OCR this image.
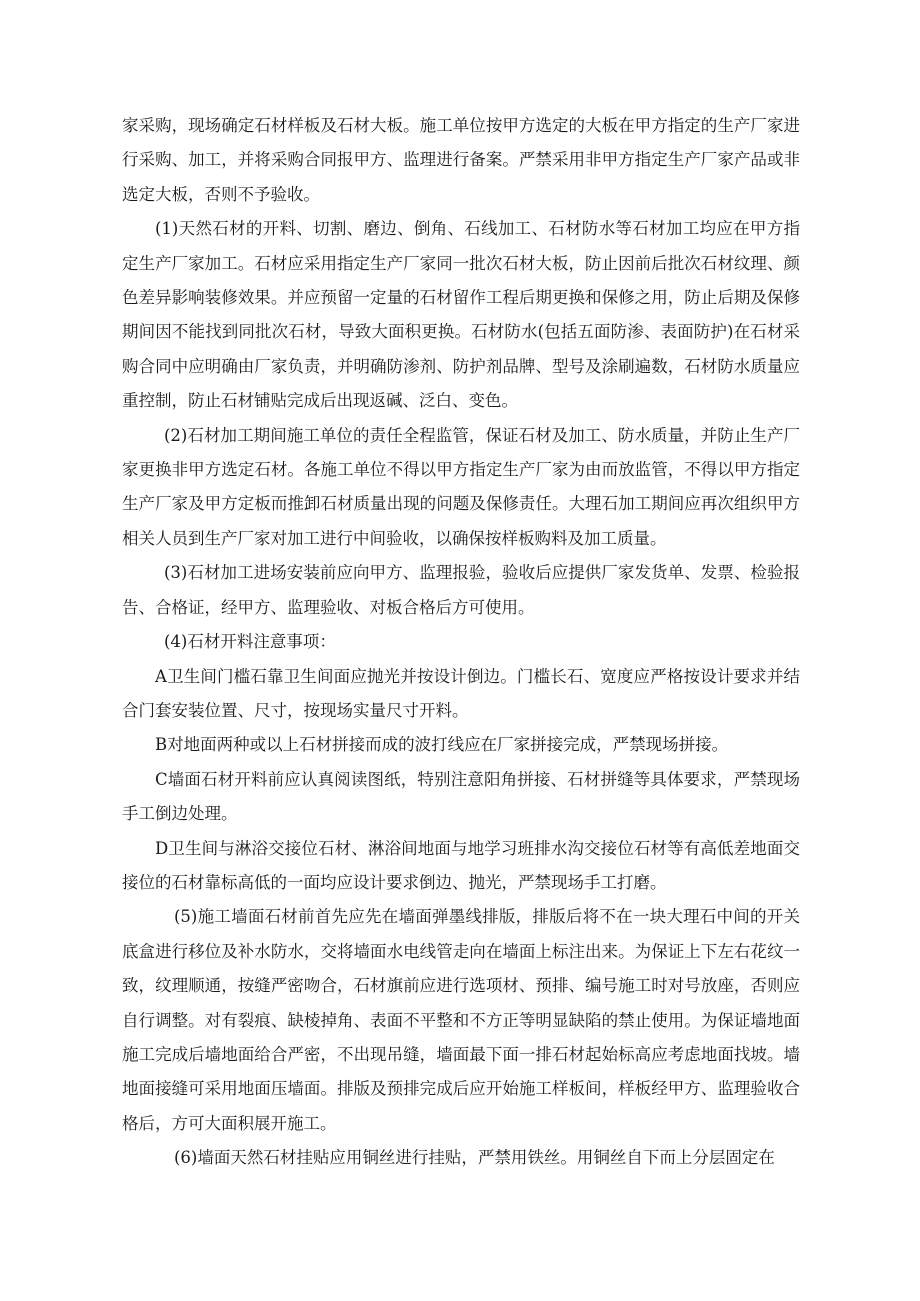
家采购，现场确定石材样板及石材大板。施工单位按甲方选定的大板在甲方指定的生产厂家进行采购、加工，并将采购合同报甲方、监理进行备案。严禁采用非甲方指定生产厂家产品或非选定大板，否则不予验收。

(1)天然石材的开料、切割、磨边、倒角、石线加工、石材防水等石材加工均应在甲方指定生产厂家加工。石材应采用指定生产厂家同一批次石材大板，防止因前后批次石材纹理、颜色差异影响装修效果。并应预留一定量的石材留作工程后期更换和保修之用，防止后期及保修期间因不能找到同批次石材，导致大面积更换。石材防水(包括五面防渗、表面防护)在石材采购合同中应明确由厂家负责，并明确防渗剂、防护剂品牌、型号及涂刷遍数，石材防水质量应重控制，防止石材铺贴完成后出现返碱、泛白、变色。

(2)石材加工期间施工单位的责任全程监管，保证石材及加工、防水质量，并防止生产厂家更换非甲方选定石材。各施工单位不得以甲方指定生产厂家为由而放监管，不得以甲方指定生产厂家及甲方定板而推卸石材质量出现的问题及保修责任。大理石加工期间应再次组织甲方相关人员到生产厂家对加工进行中间验收，以确保按样板购料及加工质量。

(3)石材加工进场安装前应向甲方、监理报验，验收后应提供厂家发货单、发票、检验报告、合格证，经甲方、监理验收、对板合格后方可使用。

(4)石材开料注意事项：

A卫生间门槛石靠卫生间面应抛光并按设计倒边。门槛长石、宽度应严格按设计要求并结合门套安装位置、尺寸，按现场实量尺寸开料。

B对地面两种或以上石材拼接而成的波打线应在厂家拼接完成，严禁现场拼接。

C墙面石材开料前应认真阅读图纸，特别注意阳角拼接、石材拼缝等具体要求，严禁现场手工倒边处理。

D卫生间与淋浴交接位石材、淋浴间地面与地学习班排水沟交接位石材等有高低差地面交接位的石材靠标高低的一面均应设计要求倒边、抛光，严禁现场手工打磨。

(5)施工墙面石材前首先应先在墙面弹墨线排版，排版后将不在一块大理石中间的开关底盒进行移位及补水防水，交将墙面水电线管走向在墙面上标注出来。为保证上下左右花纹一致，纹理顺通，按缝严密吻合，石材旗前应进行选项材、预排、编号施工时对号放座，否则应自行调整。对有裂痕、缺棱掉角、表面不平整和不方正等明显缺陷的禁止使用。为保证墙地面施工完成后墙地面给合严密，不出现吊缝，墙面最下面一排石材起始标高应考虑地面找坡。墙地面接缝可采用地面压墙面。排版及预排完成后应开始施工样板间，样板经甲方、监理验收合格后，方可大面积展开施工。

(6)墙面天然石材挂贴应用铜丝进行挂贴，严禁用铁丝。用铜丝自下而上分层固定在
